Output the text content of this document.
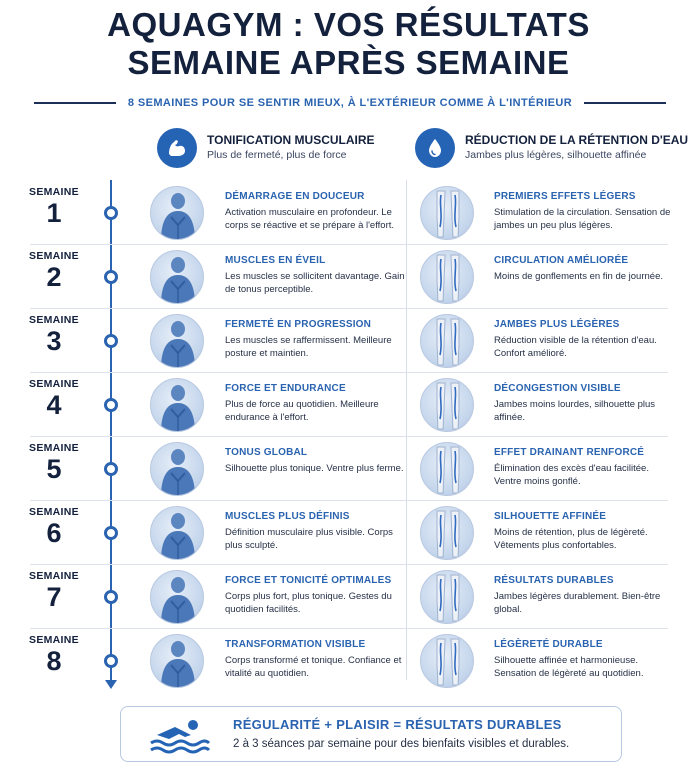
AQUAGYM : VOS RÉSULTATS
SEMAINE APRÈS SEMAINE
8 SEMAINES POUR SE SENTIR MIEUX, À L'EXTÉRIEUR COMME À L'INTÉRIEUR
TONIFICATION MUSCULAIRE
Plus de fermeté, plus de force
RÉDUCTION DE LA RÉTENTION D'EAU
Jambes plus légères, silhouette affinée
SEMAINE
1
DÉMARRAGE EN DOUCEUR
Activation musculaire en profondeur. Le corps se réactive et se prépare à l'effort.
PREMIERS EFFETS LÉGERS
Stimulation de la circulation. Sensation de jambes un peu plus légères.
SEMAINE
2
MUSCLES EN ÉVEIL
Les muscles se sollicitent davantage. Gain de tonus perceptible.
CIRCULATION AMÉLIORÉE
Moins de gonflements en fin de journée.
SEMAINE
3
FERMETÉ EN PROGRESSION
Les muscles se raffermissent. Meilleure posture et maintien.
JAMBES PLUS LÉGÈRES
Réduction visible de la rétention d'eau. Confort amélioré.
SEMAINE
4
FORCE ET ENDURANCE
Plus de force au quotidien. Meilleure endurance à l'effort.
DÉCONGESTION VISIBLE
Jambes moins lourdes, silhouette plus affinée.
SEMAINE
5
TONUS GLOBAL
Silhouette plus tonique. Ventre plus ferme.
EFFET DRAINANT RENFORCÉ
Élimination des excès d'eau facilitée. Ventre moins gonflé.
SEMAINE
6
MUSCLES PLUS DÉFINIS
Définition musculaire plus visible. Corps plus sculpté.
SILHOUETTE AFFINÉE
Moins de rétention, plus de légèreté. Vêtements plus confortables.
SEMAINE
7
FORCE ET TONICITÉ OPTIMALES
Corps plus fort, plus tonique. Gestes du quotidien facilités.
RÉSULTATS DURABLES
Jambes légères durablement. Bien-être global.
SEMAINE
8
TRANSFORMATION VISIBLE
Corps transformé et tonique. Confiance et vitalité au quotidien.
LÉGÈRETÉ DURABLE
Silhouette affinée et harmonieuse. Sensation de légèreté au quotidien.
RÉGULARITÉ + PLAISIR = RÉSULTATS DURABLES
2 à 3 séances par semaine pour des bienfaits visibles et durables.
